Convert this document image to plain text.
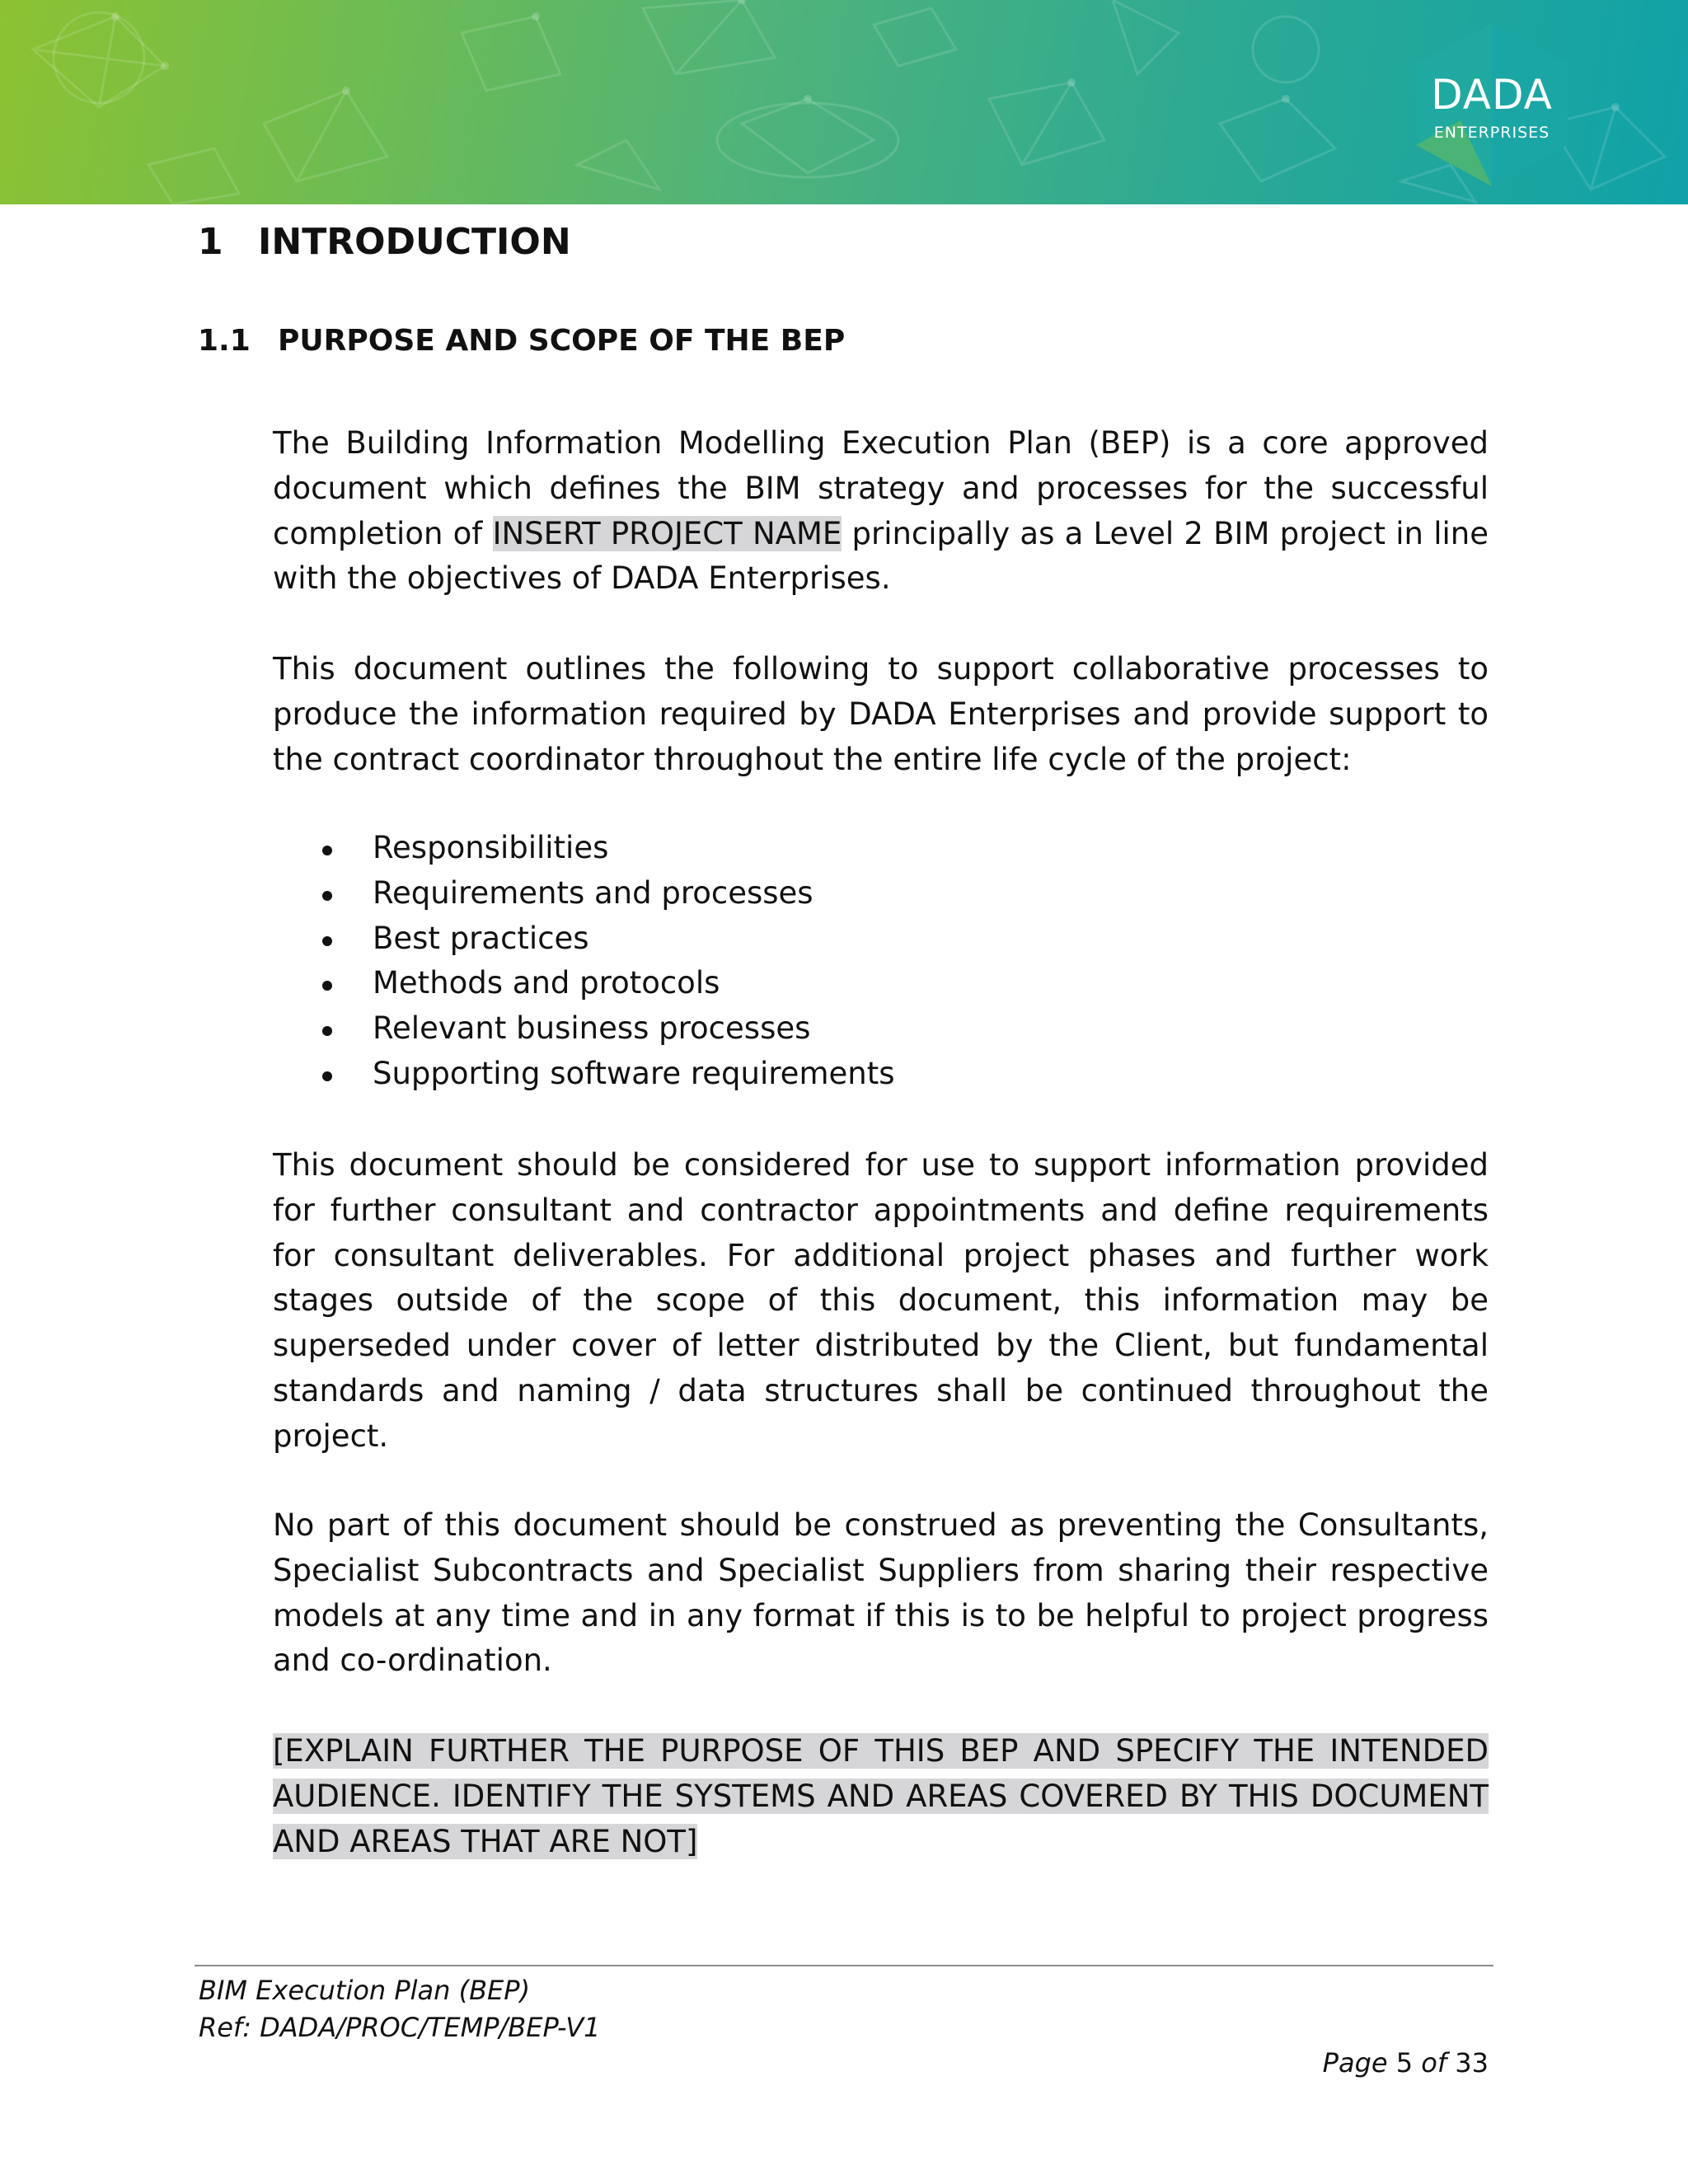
DADA
ENTERPRISES
1 INTRODUCTION
1.1 PURPOSE AND SCOPE OF THE BEP

The Building Information Modelling Execution Plan (BEP) is a core approved document which defines the BIM strategy and processes for the successful completion of INSERT PROJECT NAME principally as a Level 2 BIM project in line with the objectives of DADA Enterprises.

This document outlines the following to support collaborative processes to produce the information required by DADA Enterprises and provide support to the contract coordinator throughout the entire life cycle of the project:

Responsibilities
Requirements and processes
Best practices
Methods and protocols
Relevant business processes
Supporting software requirements

This document should be considered for use to support information provided for further consultant and contractor appointments and define requirements for consultant deliverables. For additional project phases and further work stages outside of the scope of this document, this information may be superseded under cover of letter distributed by the Client, but fundamental standards and naming / data structures shall be continued throughout the project.

No part of this document should be construed as preventing the Consultants, Specialist Subcontracts and Specialist Suppliers from sharing their respective models at any time and in any format if this is to be helpful to project progress and co-ordination.

[EXPLAIN FURTHER THE PURPOSE OF THIS BEP AND SPECIFY THE INTENDED AUDIENCE. IDENTIFY THE SYSTEMS AND AREAS COVERED BY THIS DOCUMENT AND AREAS THAT ARE NOT]

BIM Execution Plan (BEP)
Ref: DADA/PROC/TEMP/BEP-V1
Page 5 of 33
